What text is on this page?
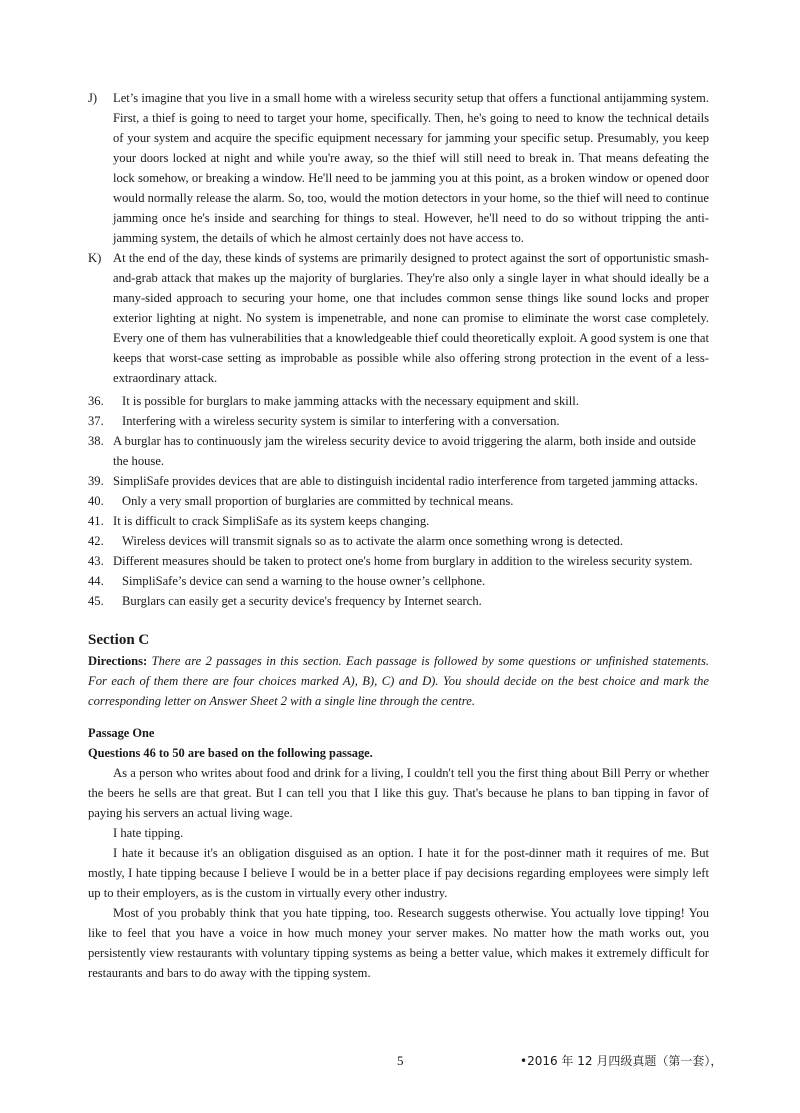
J)	Let’s imagine that you live in a small home with a wireless security setup that offers a functional antijamming system. First, a thief is going to need to target your home, specifically. Then, he's going to need to know the technical details of your system and acquire the specific equipment necessary for jamming your specific setup. Presumably, you keep your doors locked at night and while you're away, so the thief will still need to break in. That means defeating the lock somehow, or breaking a window. He'll need to be jamming you at this point, as a broken window or opened door would normally release the alarm. So, too, would the motion detectors in your home, so the thief will need to continue jamming once he's inside and searching for things to steal. However, he'll need to do so without tripping the anti-jamming system, the details of which he almost certainly does not have access to.
K) At the end of the day, these kinds of systems are primarily designed to protect against the sort of opportunistic smash-and-grab attack that makes up the majority of burglaries. They're also only a single layer in what should ideally be a many-sided approach to securing your home, one that includes common sense things like sound locks and proper exterior lighting at night. No system is impenetrable, and none can promise to eliminate the worst case completely. Every one of them has vulnerabilities that a knowledgeable thief could theoretically exploit. A good system is one that keeps that worst-case setting as improbable as possible while also offering strong protection in the event of a less-extraordinary attack.
36.	It is possible for burglars to make jamming attacks with the necessary equipment and skill.
37.	Interfering with a wireless security system is similar to interfering with a conversation.
38. A burglar has to continuously jam the wireless security device to avoid triggering the alarm, both inside and outside the house.
39. SimpliSafe provides devices that are able to distinguish incidental radio interference from targeted jamming attacks.
40.	Only a very small proportion of burglaries are committed by technical means.
41. It is difficult to crack SimpliSafe as its system keeps changing.
42.	Wireless devices will transmit signals so as to activate the alarm once something wrong is detected.
43. Different measures should be taken to protect one's home from burglary in addition to the wireless security system.
44.	SimpliSafe’s device can send a warning to the house owner’s cellphone.
45.	Burglars can easily get a security device's frequency by Internet search.
Section C
Directions: There are 2 passages in this section. Each passage is followed by some questions or unfinished statements. For each of them there are four choices marked A), B), C) and D). You should decide on the best choice and mark the corresponding letter on Answer Sheet 2 with a single line through the centre.
Passage One
Questions 46 to 50 are based on the following passage.
As a person who writes about food and drink for a living, I couldn't tell you the first thing about Bill Perry or whether the beers he sells are that great. But I can tell you that I like this guy. That's because he plans to ban tipping in favor of paying his servers an actual living wage.
I hate tipping.
I hate it because it's an obligation disguised as an option. I hate it for the post-dinner math it requires of me. But mostly, I hate tipping because I believe I would be in a better place if pay decisions regarding employees were simply left up to their employers, as is the custom in virtually every other industry.
Most of you probably think that you hate tipping, too. Research suggests otherwise. You actually love tipping! You like to feel that you have a voice in how much money your server makes. No matter how the math works out, you persistently view restaurants with voluntary tipping systems as being a better value, which makes it extremely difficult for restaurants and bars to do away with the tipping system.
5	•2016 年 12 月四级真题（第一套），
